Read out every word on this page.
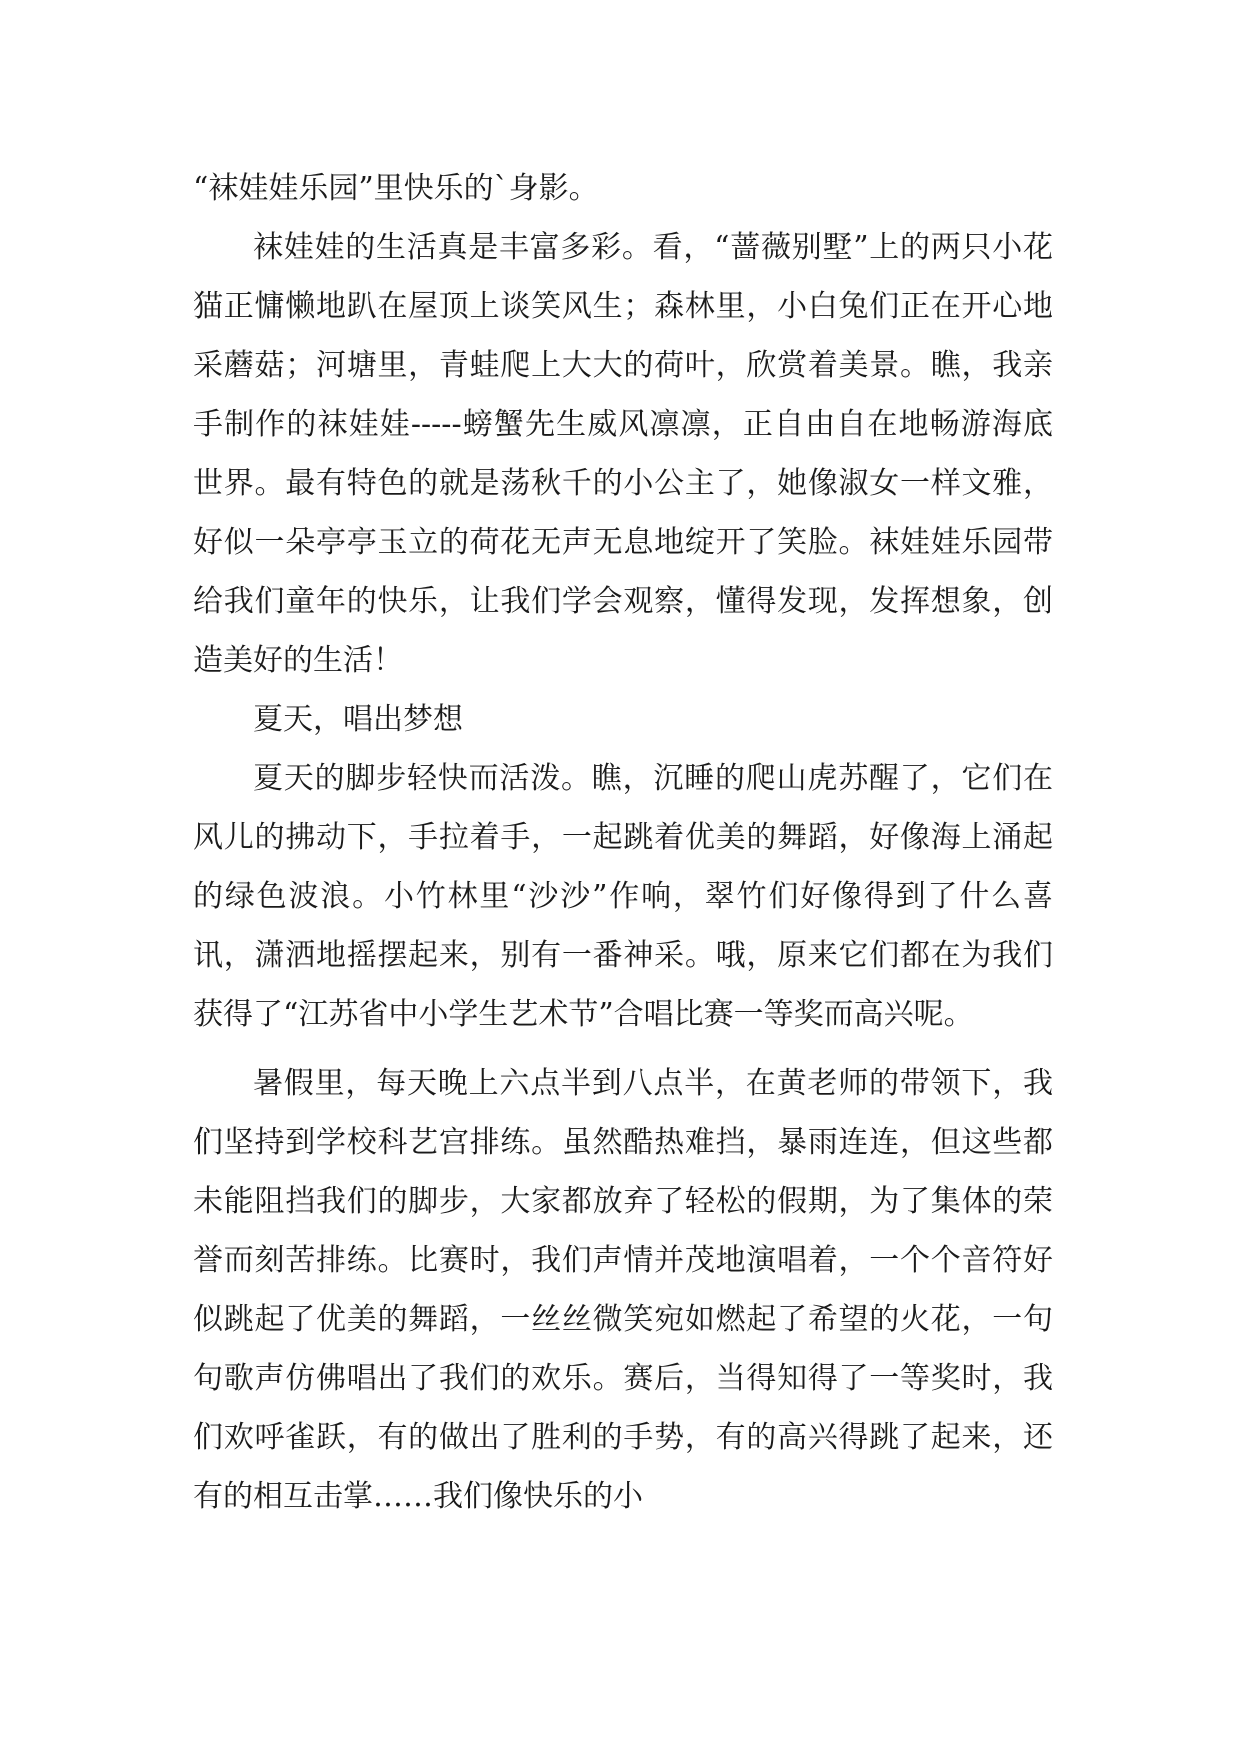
“袜娃娃乐园”里快乐的`身影。

袜娃娃的生活真是丰富多彩。看，“蔷薇别墅”上的两只小花猫正慵懒地趴在屋顶上谈笑风生；森林里，小白兔们正在开心地采蘑菇；河塘里，青蛙爬上大大的荷叶，欣赏着美景。瞧，我亲手制作的袜娃娃-----螃蟹先生威风凛凛，正自由自在地畅游海底世界。最有特色的就是荡秋千的小公主了，她像淑女一样文雅，好似一朵亭亭玉立的荷花无声无息地绽开了笑脸。袜娃娃乐园带给我们童年的快乐，让我们学会观察，懂得发现，发挥想象，创造美好的生活！

夏天，唱出梦想

夏天的脚步轻快而活泼。瞧，沉睡的爬山虎苏醒了，它们在风儿的拂动下，手拉着手，一起跳着优美的舞蹈，好像海上涌起的绿色波浪。小竹林里“沙沙”作响，翠竹们好像得到了什么喜讯，潇洒地摇摆起来，别有一番神采。哦，原来它们都在为我们获得了“江苏省中小学生艺术节”合唱比赛一等奖而高兴呢。

暑假里，每天晚上六点半到八点半，在黄老师的带领下，我们坚持到学校科艺宫排练。虽然酷热难挡，暴雨连连，但这些都未能阻挡我们的脚步，大家都放弃了轻松的假期，为了集体的荣誉而刻苦排练。比赛时，我们声情并茂地演唱着，一个个音符好似跳起了优美的舞蹈，一丝丝微笑宛如燃起了希望的火花，一句句歌声仿佛唱出了我们的欢乐。赛后，当得知得了一等奖时，我们欢呼雀跃，有的做出了胜利的手势，有的高兴得跳了起来，还有的相互击掌……我们像快乐的小
